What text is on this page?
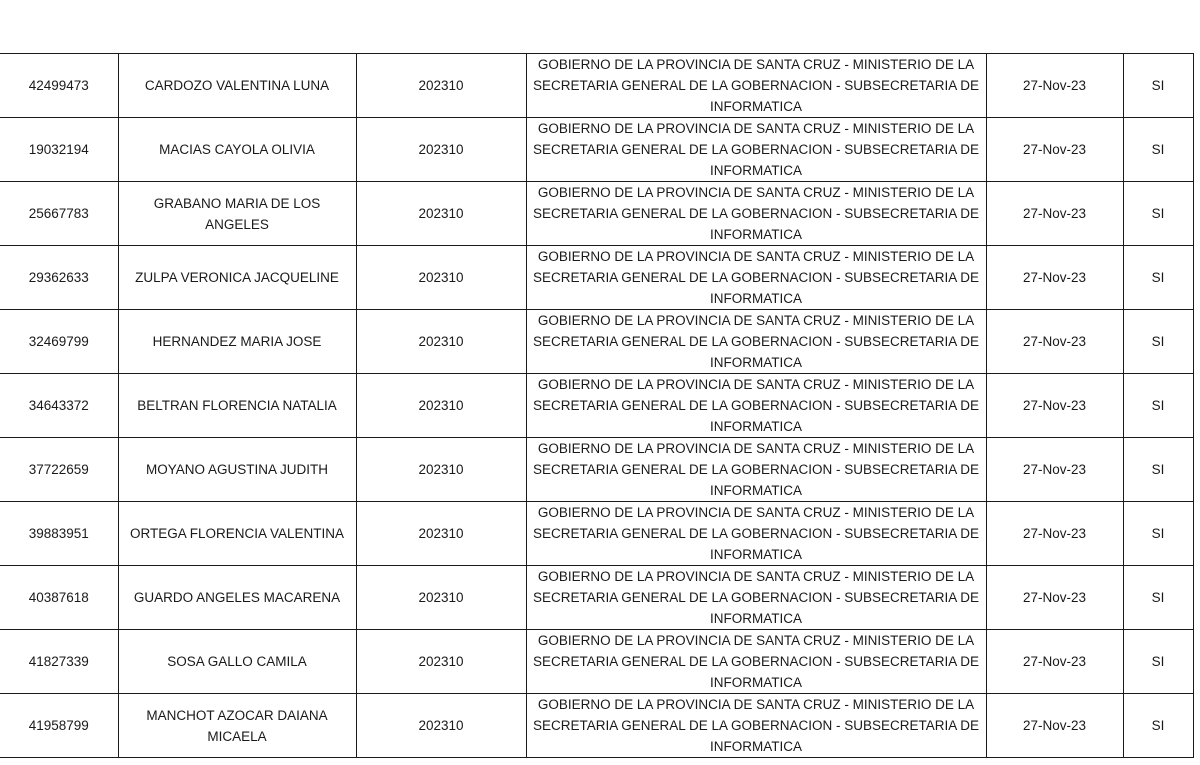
42499473	CARDOZO VALENTINA LUNA	202310	GOBIERNO DE LA PROVINCIA DE SANTA CRUZ - MINISTERIO DE LA SECRETARIA GENERAL DE LA GOBERNACION - SUBSECRETARIA DE INFORMATICA	27-Nov-23	SI
19032194	MACIAS CAYOLA OLIVIA	202310	GOBIERNO DE LA PROVINCIA DE SANTA CRUZ - MINISTERIO DE LA SECRETARIA GENERAL DE LA GOBERNACION - SUBSECRETARIA DE INFORMATICA	27-Nov-23	SI
25667783	GRABANO MARIA DE LOS ANGELES	202310	GOBIERNO DE LA PROVINCIA DE SANTA CRUZ - MINISTERIO DE LA SECRETARIA GENERAL DE LA GOBERNACION - SUBSECRETARIA DE INFORMATICA	27-Nov-23	SI
29362633	ZULPA VERONICA JACQUELINE	202310	GOBIERNO DE LA PROVINCIA DE SANTA CRUZ - MINISTERIO DE LA SECRETARIA GENERAL DE LA GOBERNACION - SUBSECRETARIA DE INFORMATICA	27-Nov-23	SI
32469799	HERNANDEZ MARIA JOSE	202310	GOBIERNO DE LA PROVINCIA DE SANTA CRUZ - MINISTERIO DE LA SECRETARIA GENERAL DE LA GOBERNACION - SUBSECRETARIA DE INFORMATICA	27-Nov-23	SI
34643372	BELTRAN FLORENCIA NATALIA	202310	GOBIERNO DE LA PROVINCIA DE SANTA CRUZ - MINISTERIO DE LA SECRETARIA GENERAL DE LA GOBERNACION - SUBSECRETARIA DE INFORMATICA	27-Nov-23	SI
37722659	MOYANO AGUSTINA JUDITH	202310	GOBIERNO DE LA PROVINCIA DE SANTA CRUZ - MINISTERIO DE LA SECRETARIA GENERAL DE LA GOBERNACION - SUBSECRETARIA DE INFORMATICA	27-Nov-23	SI
39883951	ORTEGA FLORENCIA VALENTINA	202310	GOBIERNO DE LA PROVINCIA DE SANTA CRUZ - MINISTERIO DE LA SECRETARIA GENERAL DE LA GOBERNACION - SUBSECRETARIA DE INFORMATICA	27-Nov-23	SI
40387618	GUARDO ANGELES MACARENA	202310	GOBIERNO DE LA PROVINCIA DE SANTA CRUZ - MINISTERIO DE LA SECRETARIA GENERAL DE LA GOBERNACION - SUBSECRETARIA DE INFORMATICA	27-Nov-23	SI
41827339	SOSA GALLO CAMILA	202310	GOBIERNO DE LA PROVINCIA DE SANTA CRUZ - MINISTERIO DE LA SECRETARIA GENERAL DE LA GOBERNACION - SUBSECRETARIA DE INFORMATICA	27-Nov-23	SI
41958799	MANCHOT AZOCAR DAIANA MICAELA	202310	GOBIERNO DE LA PROVINCIA DE SANTA CRUZ - MINISTERIO DE LA SECRETARIA GENERAL DE LA GOBERNACION - SUBSECRETARIA DE INFORMATICA	27-Nov-23	SI
